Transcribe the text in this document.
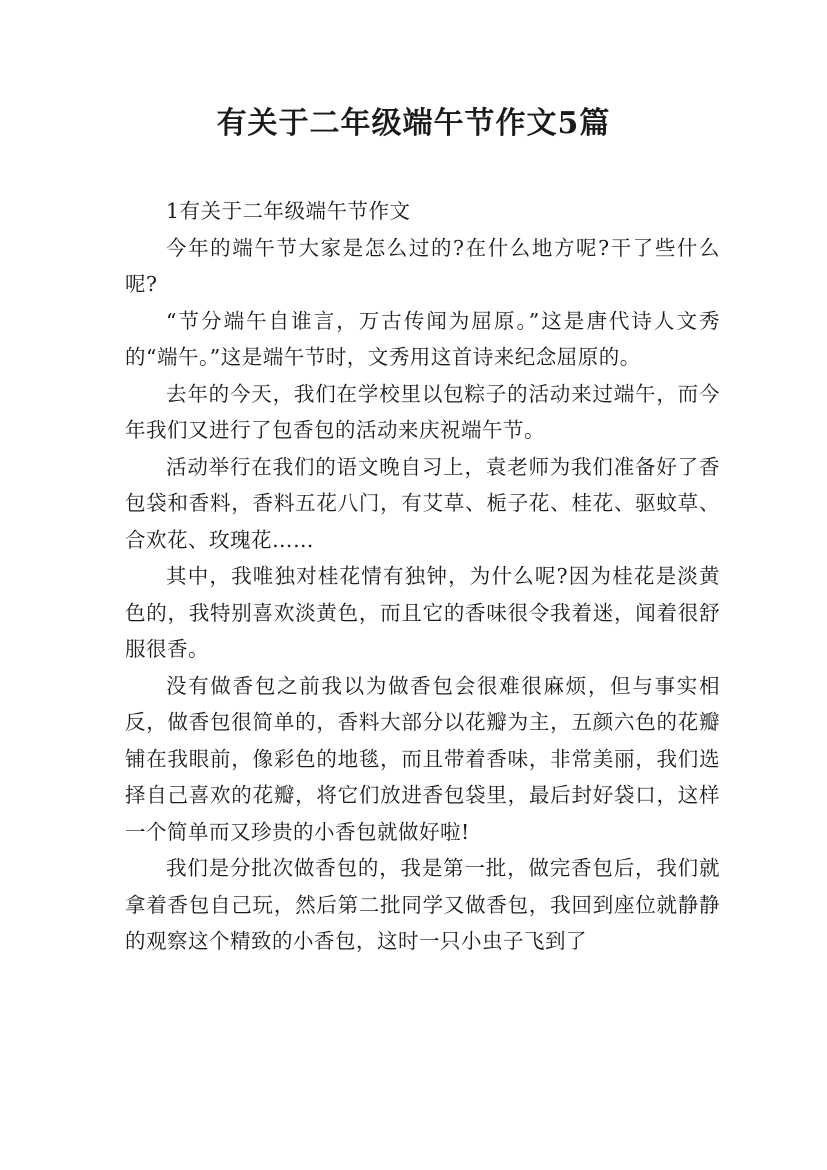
有关于二年级端午节作文5篇

1有关于二年级端午节作文

今年的端午节大家是怎么过的?在什么地方呢?干了些什么呢?

“节分端午自谁言，万古传闻为屈原。”这是唐代诗人文秀的“端午。”这是端午节时，文秀用这首诗来纪念屈原的。

去年的今天，我们在学校里以包粽子的活动来过端午，而今年我们又进行了包香包的活动来庆祝端午节。

活动举行在我们的语文晚自习上，袁老师为我们准备好了香包袋和香料，香料五花八门，有艾草、栀子花、桂花、驱蚊草、合欢花、玫瑰花……

其中，我唯独对桂花情有独钟，为什么呢?因为桂花是淡黄色的，我特别喜欢淡黄色，而且它的香味很令我着迷，闻着很舒服很香。

没有做香包之前我以为做香包会很难很麻烦，但与事实相反，做香包很简单的，香料大部分以花瓣为主，五颜六色的花瓣铺在我眼前，像彩色的地毯，而且带着香味，非常美丽，我们选择自己喜欢的花瓣，将它们放进香包袋里，最后封好袋口，这样一个简单而又珍贵的小香包就做好啦!

我们是分批次做香包的，我是第一批，做完香包后，我们就拿着香包自己玩，然后第二批同学又做香包，我回到座位就静静的观察这个精致的小香包，这时一只小虫子飞到了
